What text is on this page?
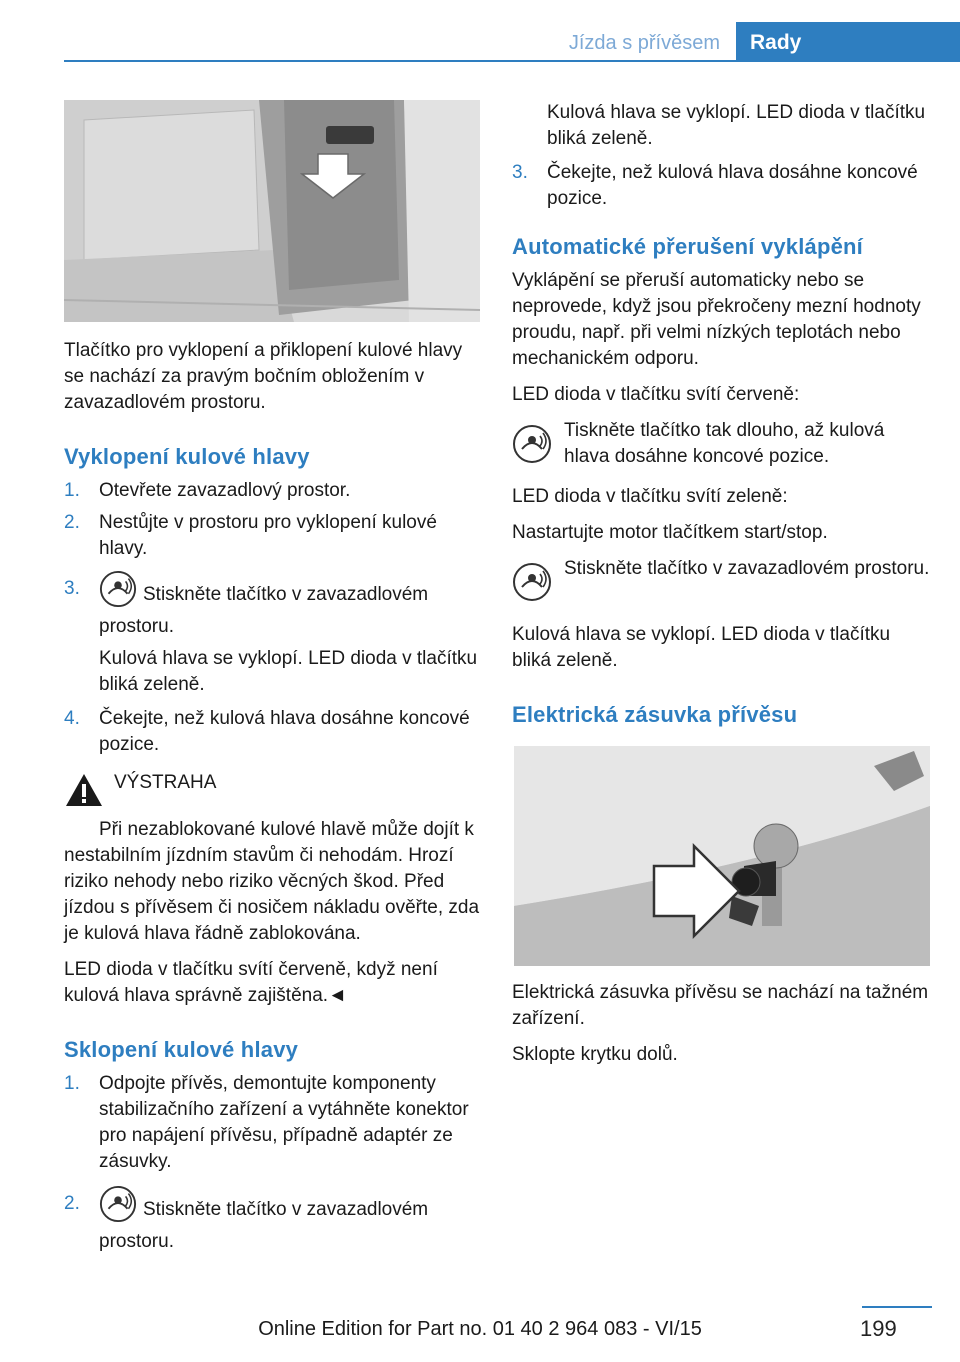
Jízda s přívěsem	Rady
Tlačítko pro vyklopení a přiklopení kulové hlavy se nachází za pravým bočním obložením v zavazadlovém prostoru.
Vyklopení kulové hlavy
1.	Otevřete zavazadlový prostor.
2.	Nestůjte v prostoru pro vyklopení kulové hlavy.
3.	Stiskněte tlačítko v zavazadlovém prostoru.
Kulová hlava se vyklopí. LED dioda v tlačítku bliká zeleně.
4.	Čekejte, než kulová hlava dosáhne koncové pozice.
VÝSTRAHA
Při nezablokované kulové hlavě může dojít k nestabilním jízdním stavům či nehodám. Hrozí riziko nehody nebo riziko věcných škod. Před jízdou s přívěsem či nosičem nákladu ověřte, zda je kulová hlava řádně zablokována.
LED dioda v tlačítku svítí červeně, když není kulová hlava správně zajištěna.◄
Sklopení kulové hlavy
1.	Odpojte přívěs, demontujte komponenty stabilizačního zařízení a vytáhněte konektor pro napájení přívěsu, případně adaptér ze zásuvky.
2.	Stiskněte tlačítko v zavazadlovém prostoru.
Kulová hlava se vyklopí. LED dioda v tlačítku bliká zeleně.
3.	Čekejte, než kulová hlava dosáhne koncové pozice.
Automatické přerušení vyklápění
Vyklápění se přeruší automaticky nebo se neprovede, když jsou překročeny mezní hodnoty proudu, např. při velmi nízkých teplotách nebo mechanickém odporu.
LED dioda v tlačítku svítí červeně:
Tiskněte tlačítko tak dlouho, až kulová hlava dosáhne koncové pozice.
LED dioda v tlačítku svítí zeleně:
Nastartujte motor tlačítkem start/stop.
Stiskněte tlačítko v zavazadlovém prostoru.
Kulová hlava se vyklopí. LED dioda v tlačítku bliká zeleně.
Elektrická zásuvka přívěsu
Elektrická zásuvka přívěsu se nachází na tažném zařízení.
Sklopte krytku dolů.
199
Online Edition for Part no. 01 40 2 964 083 - VI/15
